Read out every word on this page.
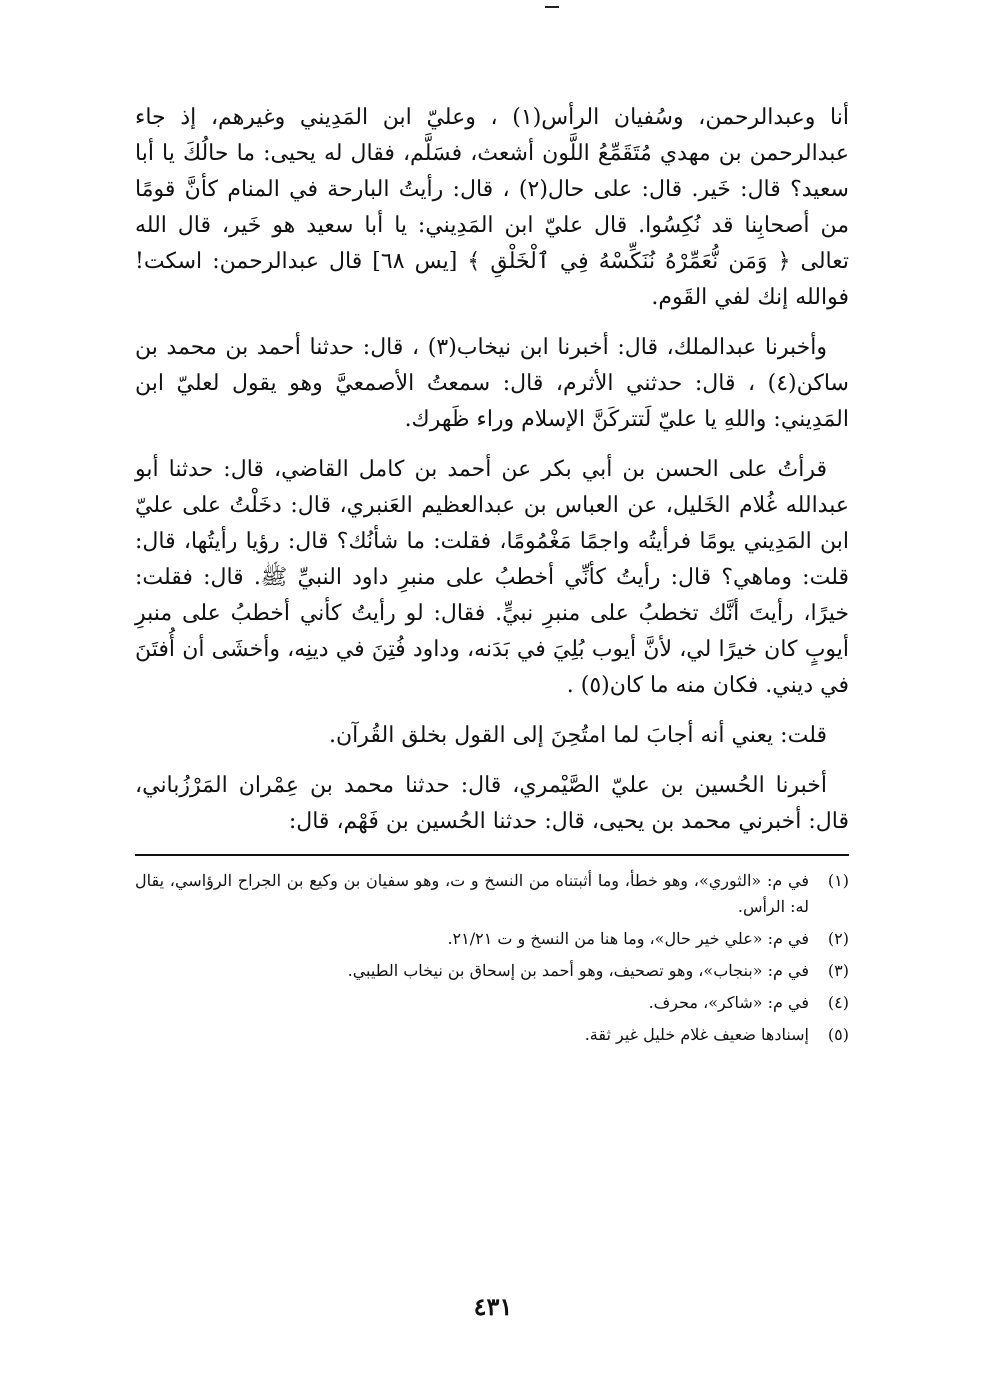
أنا وعبدالرحمن، وسُفيان الرأس(١) ، وعليّ ابن المَدِيني وغيرهم، إذ جاء عبدالرحمن بن مهدي مُتَقَمِّعُ اللَّون أشعث، فسَلَّم، فقال له يحيى: ما حالُكَ يا أبا سعيد؟ قال: خَير. قال: على حال(٢) ، قال: رأيتُ البارحة في المنام كأنَّ قومًا من أصحابِنا قد نُكِسُوا. قال عليّ ابن المَدِيني: يا أبا سعيد هو خَير، قال الله تعالى ﴿ وَمَن نُّعَمِّرْهُ نُنَكِّسْهُ فِي ٱلْخَلْقِ ﴾ [يس ٦٨] قال عبدالرحمن: اسكت! فوالله إنك لفي القَوم.

وأخبرنا عبدالملك، قال: أخبرنا ابن نيخاب(٣) ، قال: حدثنا أحمد بن محمد بن ساكن(٤) ، قال: حدثني الأثرم، قال: سمعتُ الأصمعيَّ وهو يقول لعليّ ابن المَدِيني: واللهِ يا عليّ لَتتركَنَّ الإسلام وراء ظَهرك.

قرأتُ على الحسن بن أبي بكر عن أحمد بن كامل القاضي، قال: حدثنا أبو عبدالله غُلام الخَليل، عن العباس بن عبدالعظيم العَنبري، قال: دخَلْتُ على عليّ ابن المَدِيني يومًا فرأيتُه واجمًا مَغْمُومًا، فقلت: ما شأنُك؟ قال: رؤيا رأيتُها، قال: قلت: وماهي؟ قال: رأيتُ كأنِّي أخطبُ على منبرِ داود النبيِّ ﷺ. قال: فقلت: خيرًا، رأيتَ أنَّك تخطبُ على منبرِ نبيٍّ. فقال: لو رأيتُ كأني أخطبُ على منبرِ أيوبٍ كان خيرًا لي، لأنَّ أيوب بُلِيَ في بَدَنه، وداود فُتِنَ في دينِه، وأخشَى أن أُفتَنَ في ديني. فكان منه ما كان(٥) .

قلت: يعني أنه أجابَ لما امتُحِنَ إلى القول بخلق القُرآن.

أخبرنا الحُسين بن عليّ الصَّيْمري، قال: حدثنا محمد بن عِمْران المَرْزُباني، قال: أخبرني محمد بن يحيى، قال: حدثنا الحُسين بن فَهْم، قال:

(١)
في م: «الثوري»، وهو خطأ، وما أثبتناه من النسخ و ت، وهو سفيان بن وكيع بن الجراح الرؤاسي، يقال له: الرأس.
(٢)
في م: «علي خير حال»، وما هنا من النسخ و ت ٢١/٢١.
(٣)
في م: «بنجاب»، وهو تصحيف، وهو أحمد بن إسحاق بن نيخاب الطيبي.
(٤)
في م: «شاكر»، محرف.
(٥)
إسنادها ضعيف غلام خليل غير ثقة.
٤٣١
